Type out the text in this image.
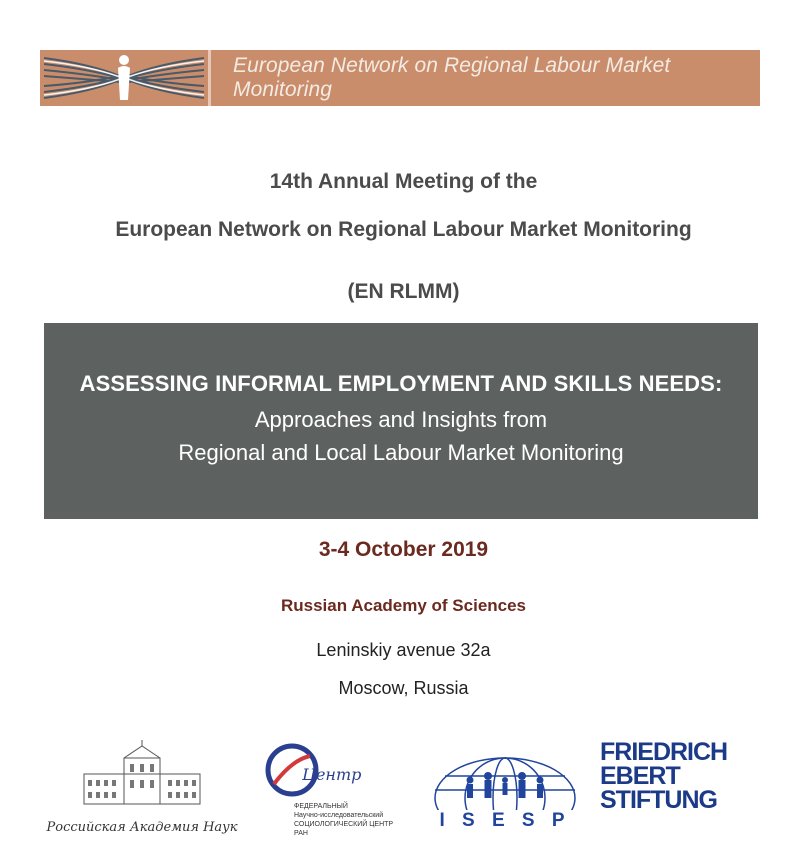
European Network on Regional Labour Market Monitoring
14th Annual Meeting of the
European Network on Regional Labour Market Monitoring
(EN RLMM)
ASSESSING INFORMAL EMPLOYMENT AND SKILLS NEEDS:
Approaches and Insights from
Regional and Local Labour Market Monitoring
3-4 October 2019
Russian Academy of Sciences
Leninskiy avenue 32a
Moscow, Russia
Российская Академия Наук
Центр
ФЕДЕРАЛЬНЫЙ
Научно-исследовательский
СОЦИОЛОГИЧЕСКИЙ ЦЕНТР РАН
I S E S P
FRIEDRICH
EBERT
STIFTUNG
